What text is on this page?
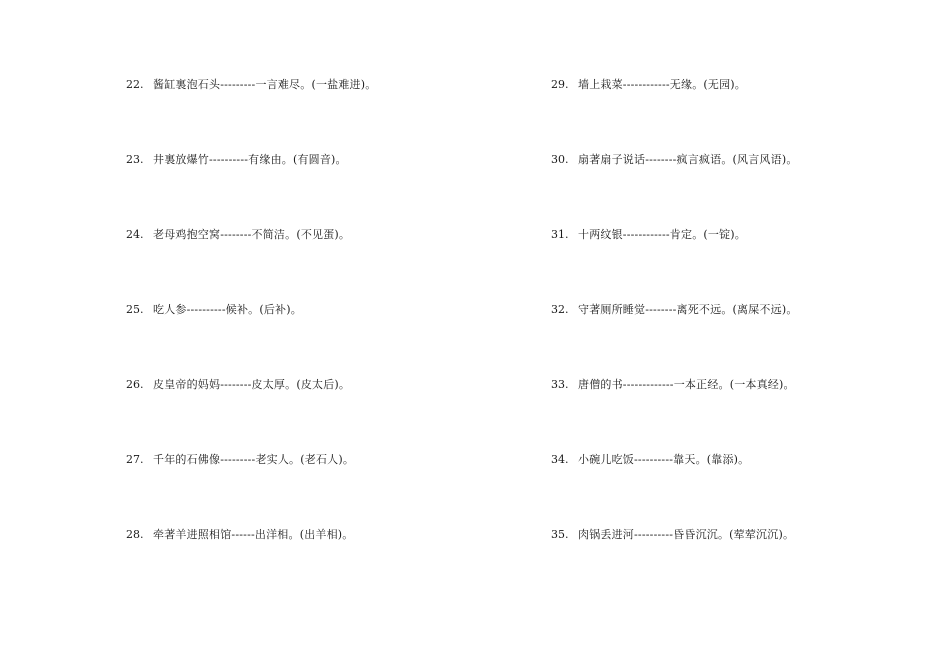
22. 酱缸裏泡石头---------一言难尽。(一盐难进)。
23. 井裏放爆竹----------有缘由。(有圆音)。
24. 老母鸡抱空窝--------不简洁。(不见蛋)。
25. 吃人参----------候补。(后补)。
26. 皮皇帝的妈妈--------皮太厚。(皮太后)。
27. 千年的石佛像---------老实人。(老石人)。
28. 牵著羊进照相馆------出洋相。(出羊相)。
29. 墙上栽菜------------无缘。(无园)。
30. 扇著扇子说话--------疯言疯语。(风言风语)。
31. 十两纹银------------肯定。(一锭)。
32. 守著厕所睡觉--------离死不远。(离屎不远)。
33. 唐僧的书-------------一本正经。(一本真经)。
34. 小碗儿吃饭----------靠天。(靠添)。
35. 肉锅丢进河----------昏昏沉沉。(荤荤沉沉)。
